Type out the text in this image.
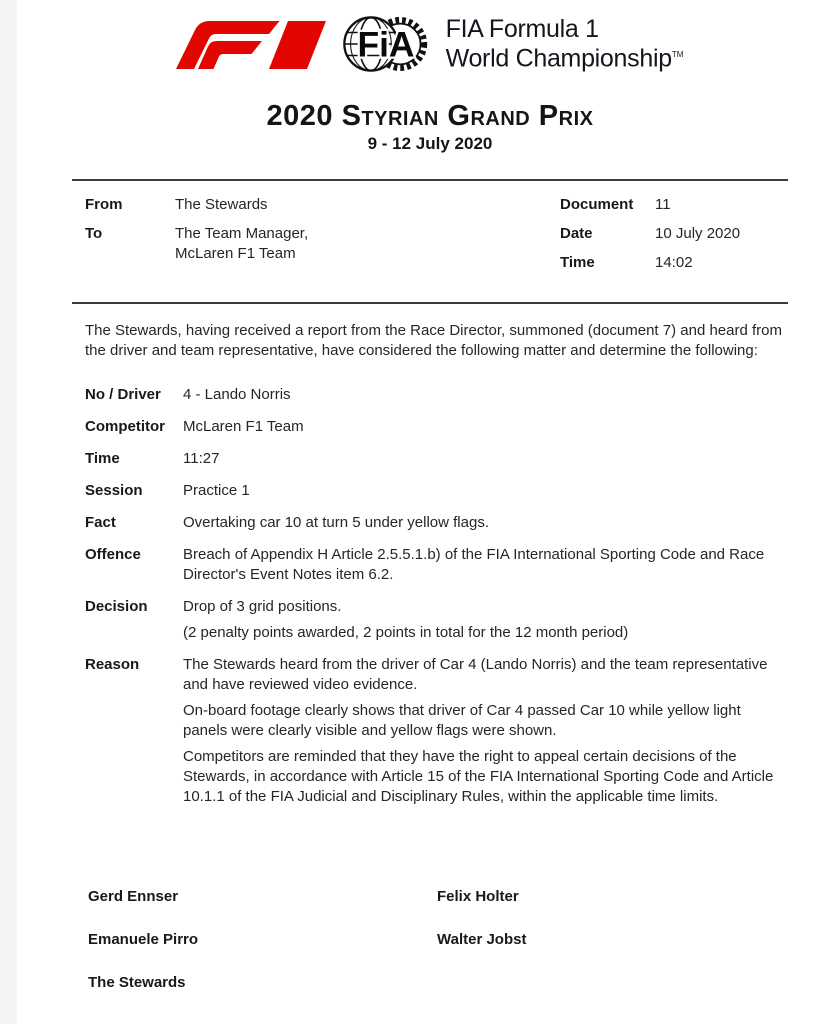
FiA FIA Formula 1
World Championship™
2020 Styrian Grand Prix
9 - 12 July 2020
From	The Stewards
To	The Team Manager,
McLaren F1 Team
Document	11
Date	10 July 2020
Time	14:02

The Stewards, having received a report from the Race Director, summoned (document 7) and heard from the driver and team representative, have considered the following matter and determine the following:

No / Driver	4 - Lando Norris
Competitor	McLaren F1 Team
Time	11:27
Session	Practice 1
Fact	Overtaking car 10 at turn 5 under yellow flags.
Offence	Breach of Appendix H Article 2.5.5.1.b) of the FIA International Sporting Code and Race Director's Event Notes item 6.2.
Decision	Drop of 3 grid positions.

(2 penalty points awarded, 2 points in total for the 12 month period)

Reason	The Stewards heard from the driver of Car 4 (Lando Norris) and the team representative and have reviewed video evidence.

On-board footage clearly shows that driver of Car 4 passed Car 10 while yellow light panels were clearly visible and yellow flags were shown.

Competitors are reminded that they have the right to appeal certain decisions of the Stewards, in accordance with Article 15 of the FIA International Sporting Code and Article 10.1.1 of the FIA Judicial and Disciplinary Rules, within the applicable time limits.

Gerd Ennser	Felix Holter
Emanuele Pirro	Walter Jobst
The Stewards
